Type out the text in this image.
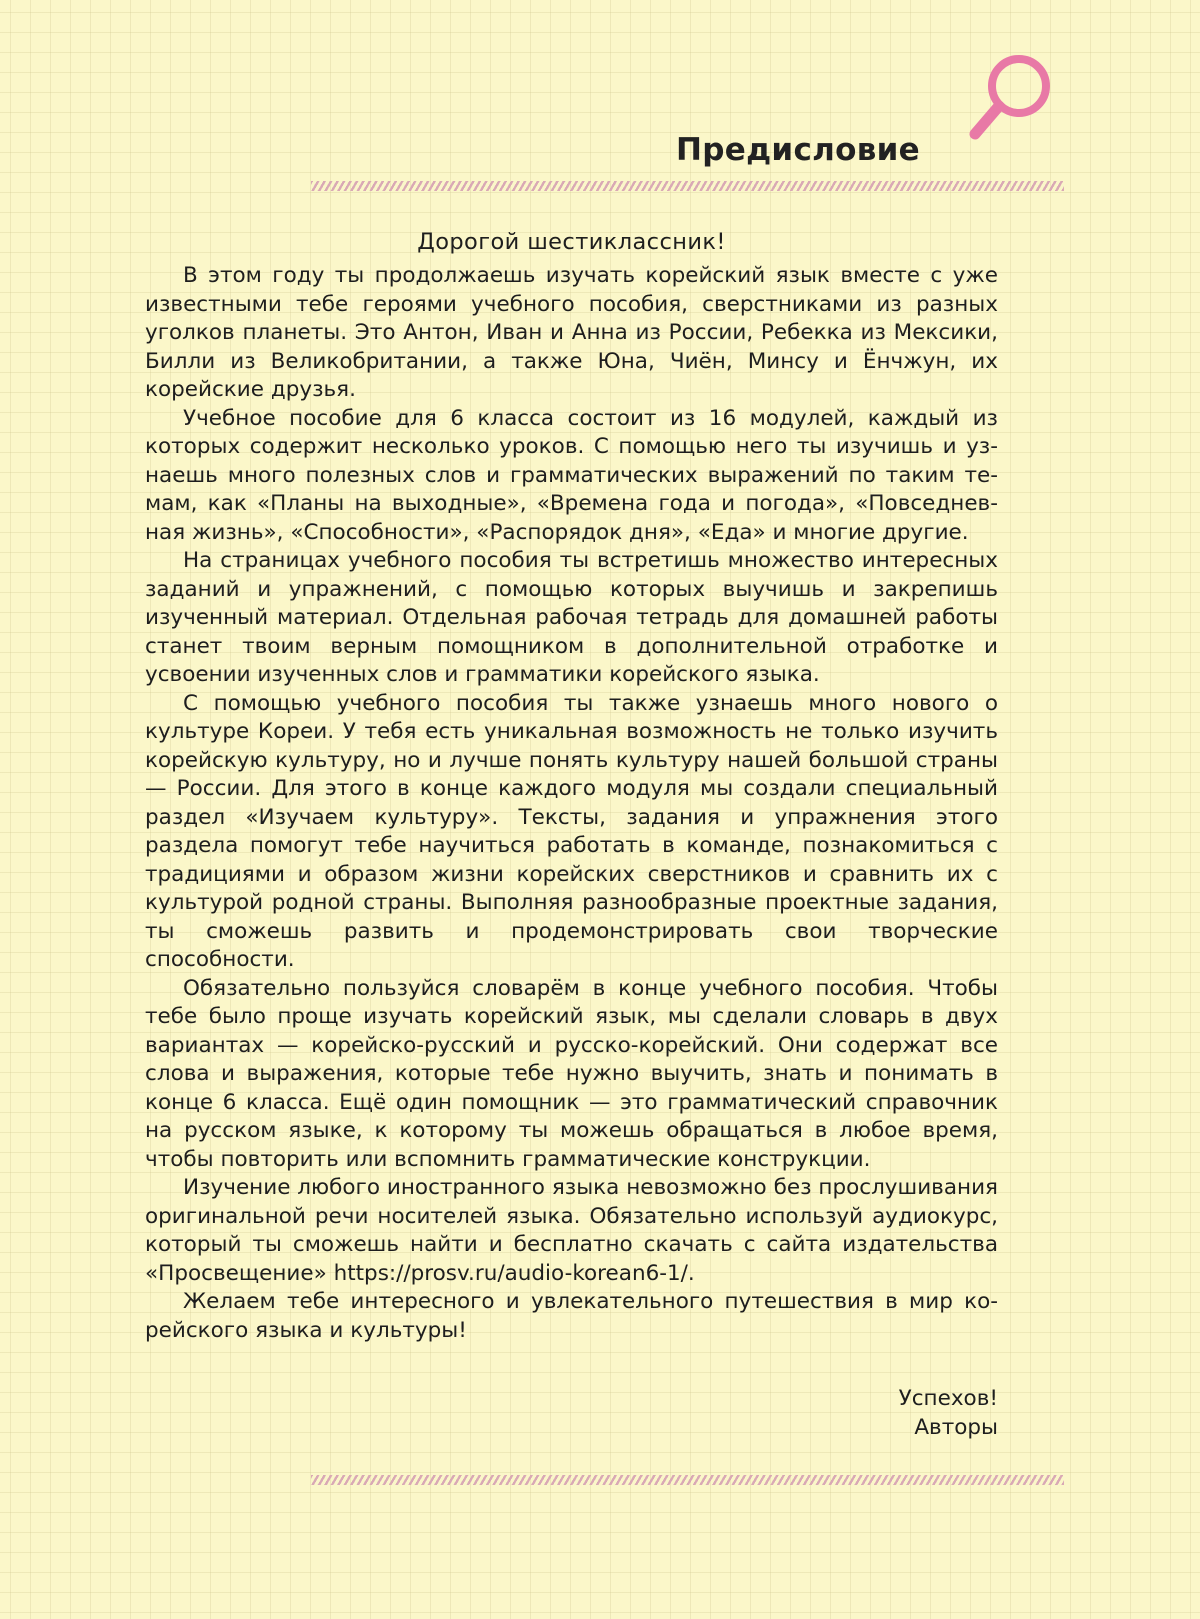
Предисловие

Дорогой шестиклассник!

В этом году ты продолжаешь изучать корейский язык вместе с уже известными тебе героями учебного пособия, сверстниками из разных уголков планеты. Это Антон, Иван и Анна из России, Ребекка из Мексики, Билли из Великобритании, а также Юна, Чиён, Минсу и Ёнчжун, их корейские друзья.

Учебное пособие для 6 класса состоит из 16 модулей, каждый из которых содержит несколько уроков. С помощью него ты изучишь и узнаешь много полезных слов и грамматических выражений по таким темам, как «Планы на выходные», «Времена года и погода», «Повседневная жизнь», «Способности», «Распорядок дня», «Еда» и многие другие.

На страницах учебного пособия ты встретишь множество интересных заданий и упражнений, с помощью которых выучишь и закрепишь изученный материал. Отдельная рабочая тетрадь для домашней работы станет твоим верным помощником в дополнительной отработке и усвоении изученных слов и грамматики корейского языка.

С помощью учебного пособия ты также узнаешь много нового о культуре Кореи. У тебя есть уникальная возможность не только изучить корейскую культуру, но и лучше понять культуру нашей большой страны — России. Для этого в конце каждого модуля мы создали специальный раздел «Изучаем культуру». Тексты, задания и упражнения этого раздела помогут тебе научиться работать в команде, познакомиться с традициями и образом жизни корейских сверстников и сравнить их с культурой родной страны. Выполняя разнообразные проектные задания, ты сможешь развить и продемонстрировать свои творческие способности.

Обязательно пользуйся словарём в конце учебного пособия. Чтобы тебе было проще изучать корейский язык, мы сделали словарь в двух вариантах — корейско-русский и русско-корейский. Они содержат все слова и выражения, которые тебе нужно выучить, знать и понимать в конце 6 класса. Ещё один помощник — это грамматический справочник на русском языке, к которому ты можешь обращаться в любое время, чтобы повторить или вспомнить грамматические конструкции.

Изучение любого иностранного языка невозможно без прослушивания оригинальной речи носителей языка. Обязательно используй аудиокурс, который ты сможешь найти и бесплатно скачать с сайта издательства «Просвещение» https://prosv.ru/audio-korean6-1/.

Желаем тебе интересного и увлекательного путешествия в мир корейского языка и культуры!

Успехов!
Авторы
